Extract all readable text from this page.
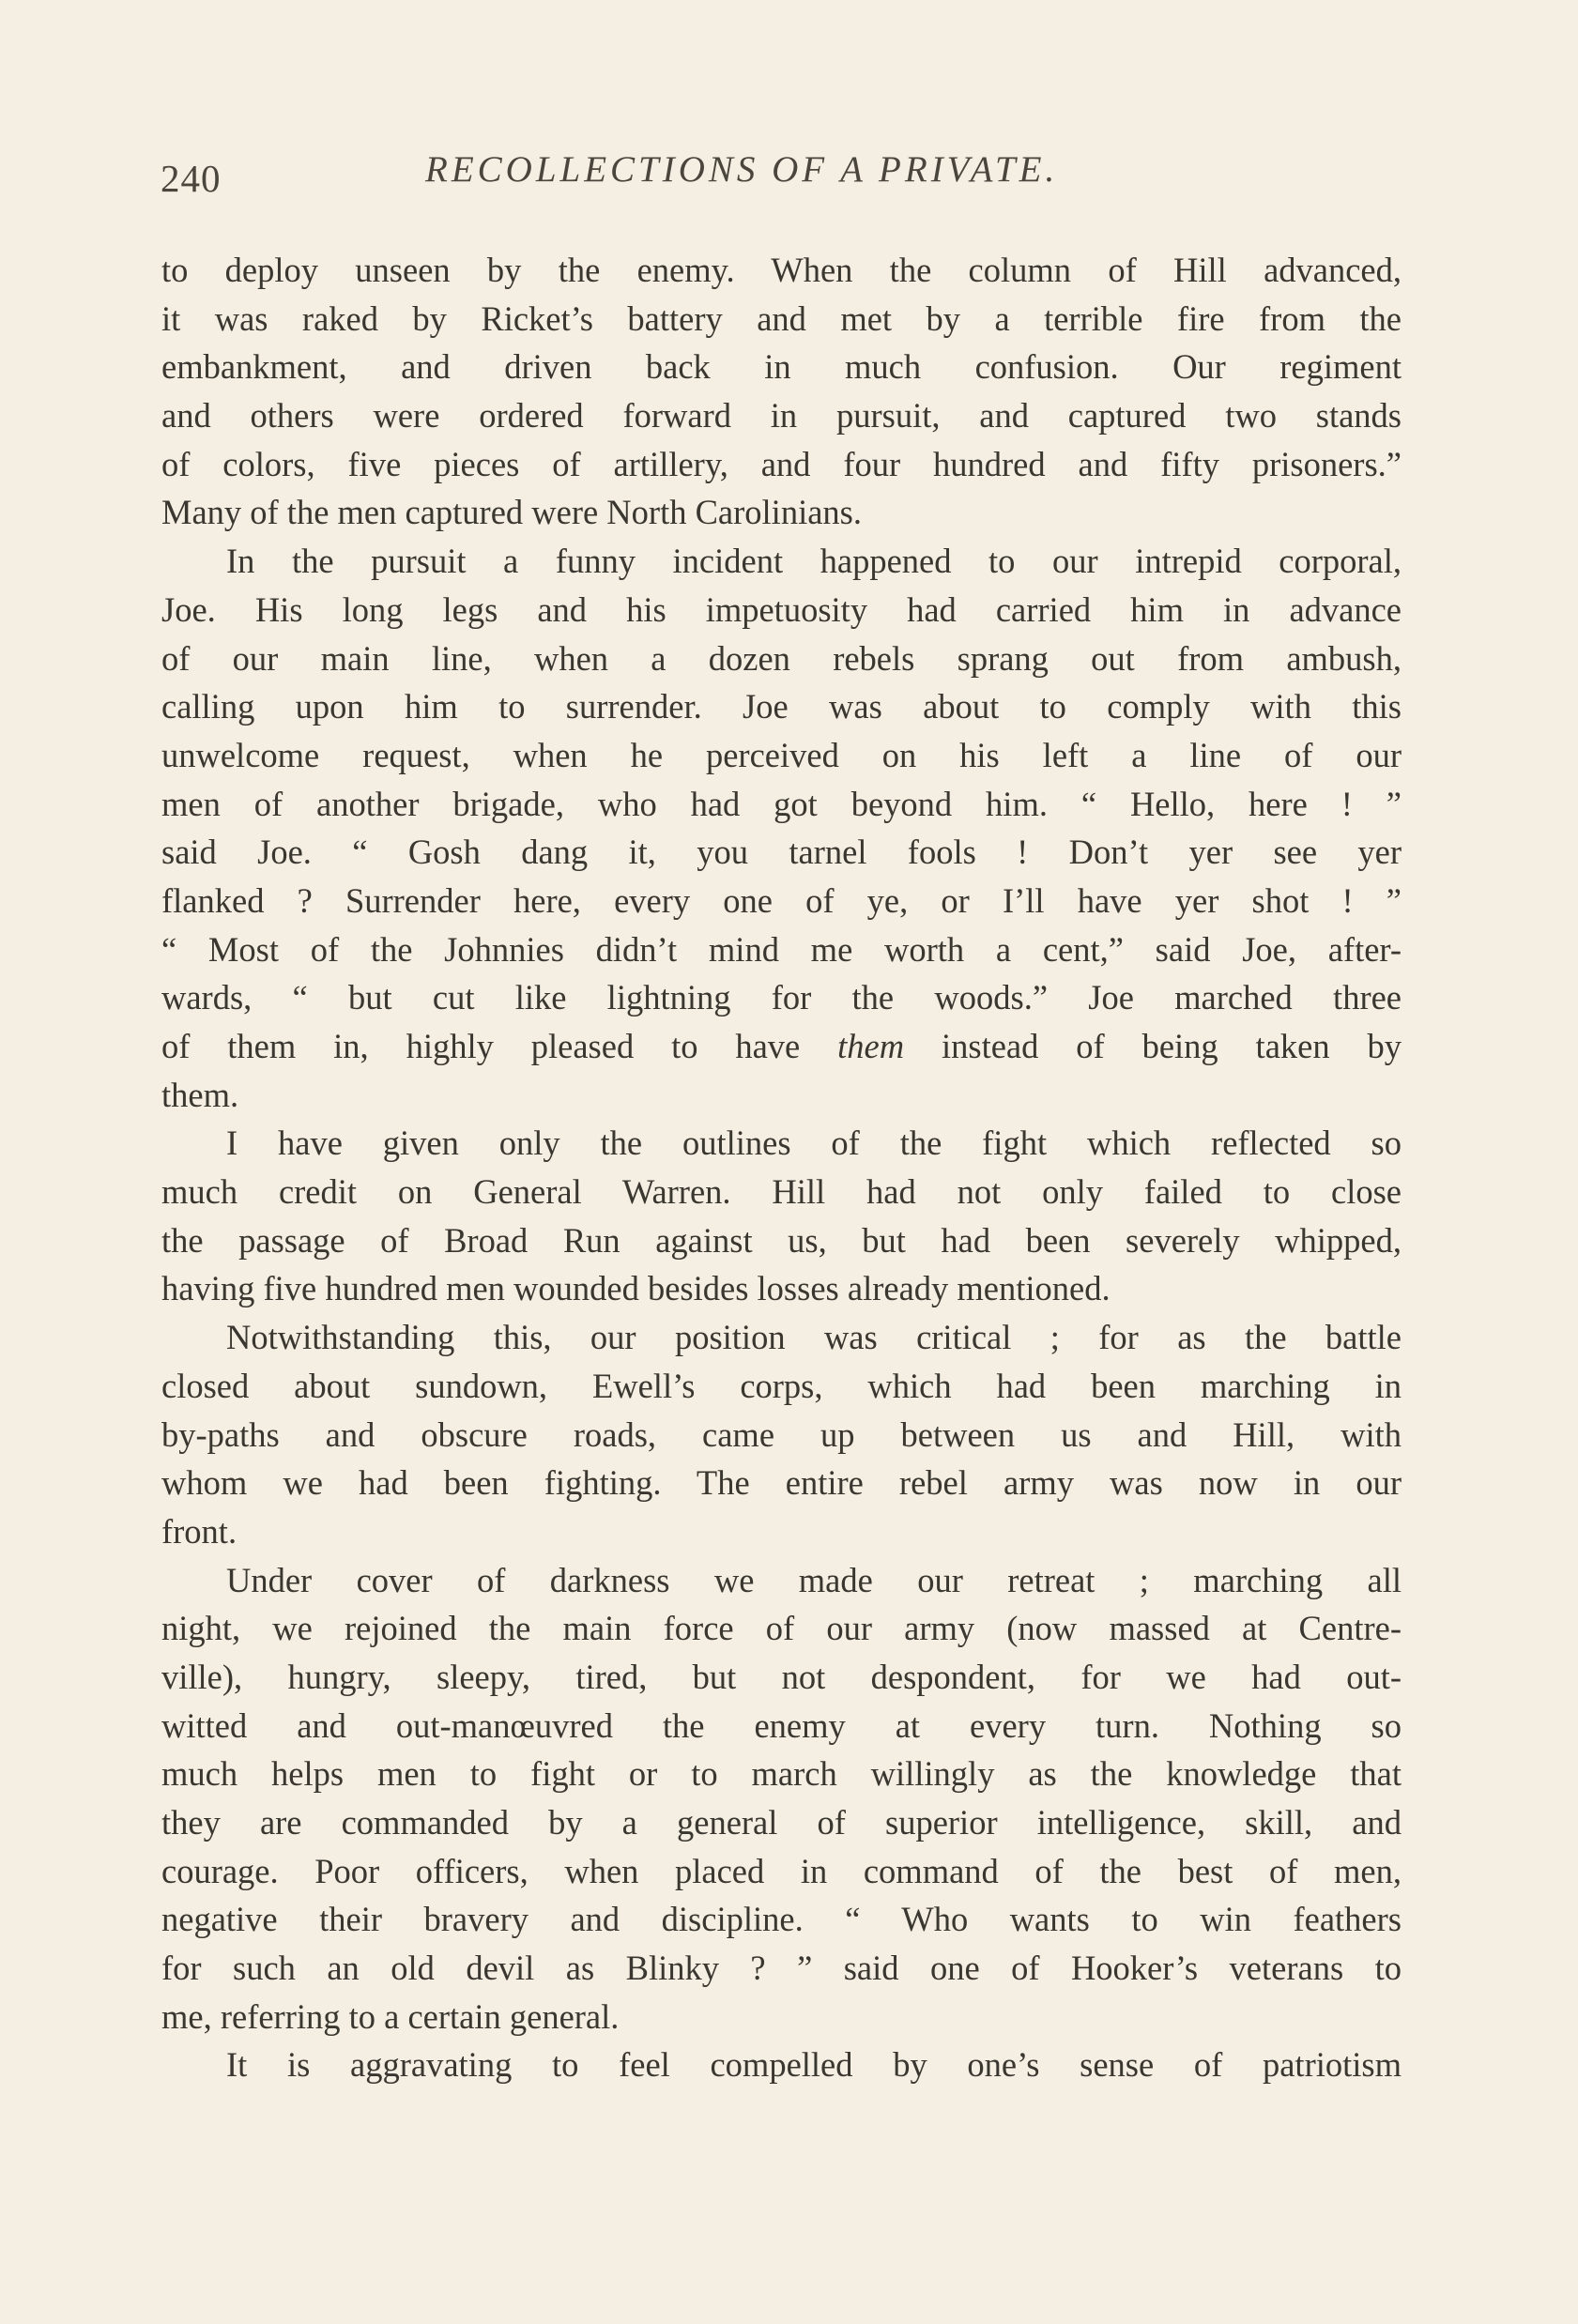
240	RECOLLECTIONS OF A PRIVATE.
to deploy unseen by the enemy. When the column of Hill advanced,
it was raked by Ricket’s battery and met by a terrible fire from the
embankment, and driven back in much confusion. Our regiment
and others were ordered forward in pursuit, and captured two stands
of colors, five pieces of artillery, and four hundred and fifty prisoners.”
Many of the men captured were North Carolinians.
In the pursuit a funny incident happened to our intrepid corporal,
Joe. His long legs and his impetuosity had carried him in advance
of our main line, when a dozen rebels sprang out from ambush,
calling upon him to surrender. Joe was about to comply with this
unwelcome request, when he perceived on his left a line of our
men of another brigade, who had got beyond him. “ Hello, here ! ”
said Joe. “ Gosh dang it, you tarnel fools ! Don’t yer see yer
flanked ? Surrender here, every one of ye, or I’ll have yer shot ! ”
“ Most of the Johnnies didn’t mind me worth a cent,” said Joe, after-
wards, “ but cut like lightning for the woods.” Joe marched three
of them in, highly pleased to have them instead of being taken by
them.
I have given only the outlines of the fight which reflected so
much credit on General Warren. Hill had not only failed to close
the passage of Broad Run against us, but had been severely whipped,
having five hundred men wounded besides losses already mentioned.
Notwithstanding this, our position was critical ; for as the battle
closed about sundown, Ewell’s corps, which had been marching in
by-paths and obscure roads, came up between us and Hill, with
whom we had been fighting. The entire rebel army was now in our
front.
Under cover of darkness we made our retreat ; marching all
night, we rejoined the main force of our army (now massed at Centre-
ville), hungry, sleepy, tired, but not despondent, for we had out-
witted and out-manœuvred the enemy at every turn. Nothing so
much helps men to fight or to march willingly as the knowledge that
they are commanded by a general of superior intelligence, skill, and
courage. Poor officers, when placed in command of the best of men,
negative their bravery and discipline. “ Who wants to win feathers
for such an old devil as Blinky ? ” said one of Hooker’s veterans to
me, referring to a certain general.
It is aggravating to feel compelled by one’s sense of patriotism
